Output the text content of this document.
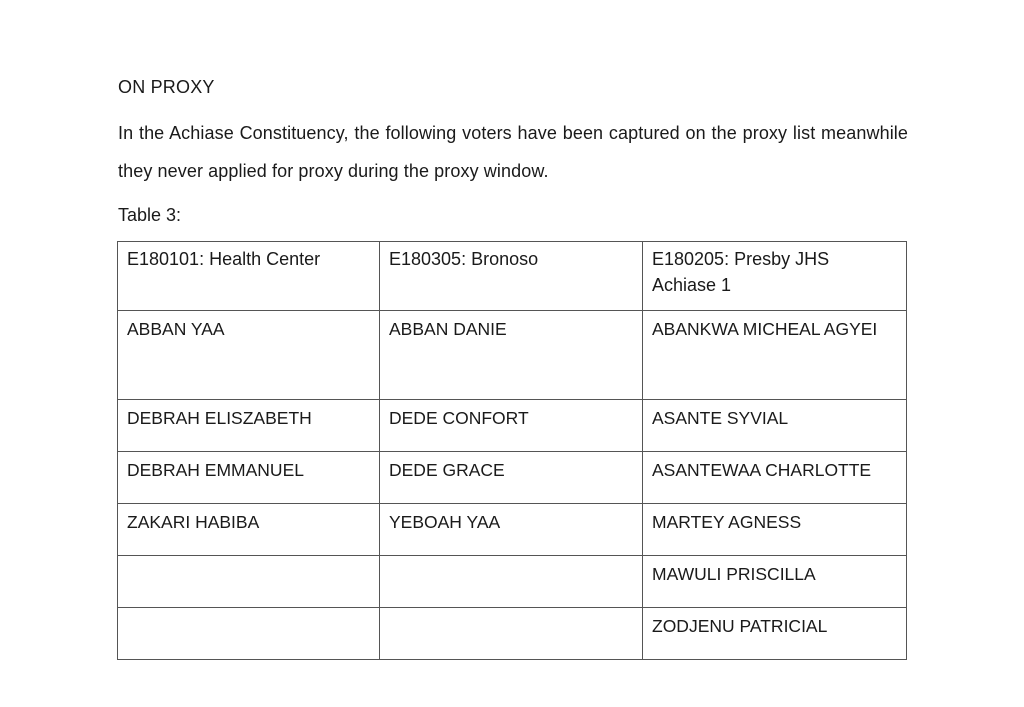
ON PROXY
In the Achiase Constituency, the following voters have been captured on the proxy list meanwhile they never applied for proxy during the proxy window.
Table 3:
E180101: Health Center	E180305: Bronoso	E180205: Presby JHS Achiase 1
ABBAN YAA	ABBAN DANIE	ABANKWA MICHEAL AGYEI
DEBRAH ELISZABETH	DEDE CONFORT	ASANTE SYVIAL
DEBRAH EMMANUEL	DEDE GRACE	ASANTEWAA CHARLOTTE
ZAKARI HABIBA	YEBOAH YAA	MARTEY AGNESS
		MAWULI PRISCILLA
		ZODJENU PATRICIAL
